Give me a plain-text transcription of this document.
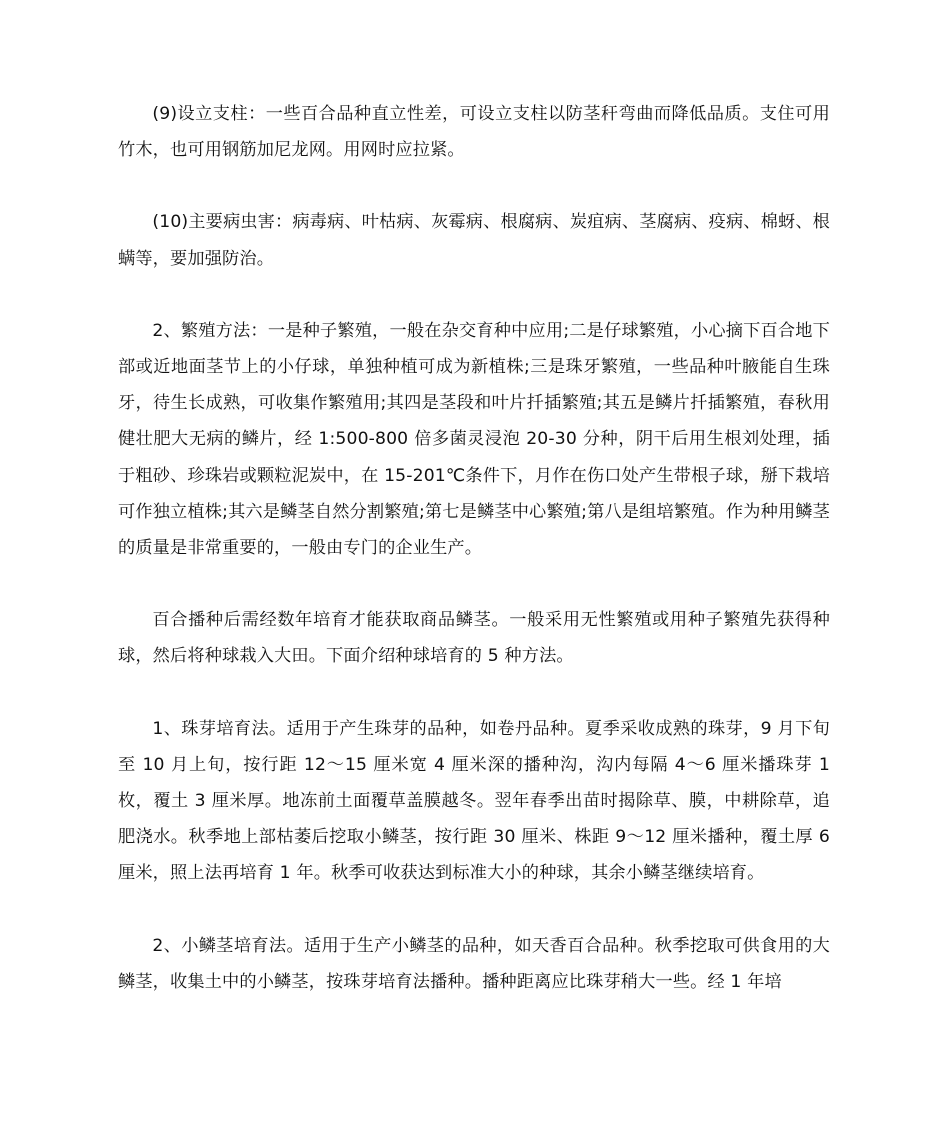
(9)设立支柱：一些百合品种直立性差，可设立支柱以防茎秆弯曲而降低品质。支住可用竹木，也可用钢筋加尼龙网。用网时应拉紧。

(10)主要病虫害：病毒病、叶枯病、灰霉病、根腐病、炭疽病、茎腐病、疫病、棉蚜、根螨等，要加强防治。

2、繁殖方法：一是种子繁殖，一般在杂交育种中应用;二是仔球繁殖，小心摘下百合地下部或近地面茎节上的小仔球，单独种植可成为新植株;三是珠牙繁殖，一些品种叶腋能自生珠牙，待生长成熟，可收集作繁殖用;其四是茎段和叶片扦插繁殖;其五是鳞片扦插繁殖，春秋用健壮肥大无病的鳞片，经 1:500-800 倍多菌灵浸泡 20-30 分种，阴干后用生根刘处理，插于粗砂、珍珠岩或颗粒泥炭中，在 15-201℃条件下，月作在伤口处产生带根子球，掰下栽培可作独立植株;其六是鳞茎自然分割繁殖;第七是鳞茎中心繁殖;第八是组培繁殖。作为种用鳞茎的质量是非常重要的，一般由专门的企业生产。

百合播种后需经数年培育才能获取商品鳞茎。一般采用无性繁殖或用种子繁殖先获得种球，然后将种球栽入大田。下面介绍种球培育的 5 种方法。

1、珠芽培育法。适用于产生珠芽的品种，如卷丹品种。夏季采收成熟的珠芽，9 月下旬至 10 月上旬，按行距 12～15 厘米宽 4 厘米深的播种沟，沟内每隔 4～6 厘米播珠芽 1 枚，覆土 3 厘米厚。地冻前土面覆草盖膜越冬。翌年春季出苗时揭除草、膜，中耕除草，追肥浇水。秋季地上部枯萎后挖取小鳞茎，按行距 30 厘米、株距 9～12 厘米播种，覆土厚 6 厘米，照上法再培育 1 年。秋季可收获达到标准大小的种球，其余小鳞茎继续培育。

2、小鳞茎培育法。适用于生产小鳞茎的品种，如天香百合品种。秋季挖取可供食用的大鳞茎，收集土中的小鳞茎，按珠芽培育法播种。播种距离应比珠芽稍大一些。经 1 年培
